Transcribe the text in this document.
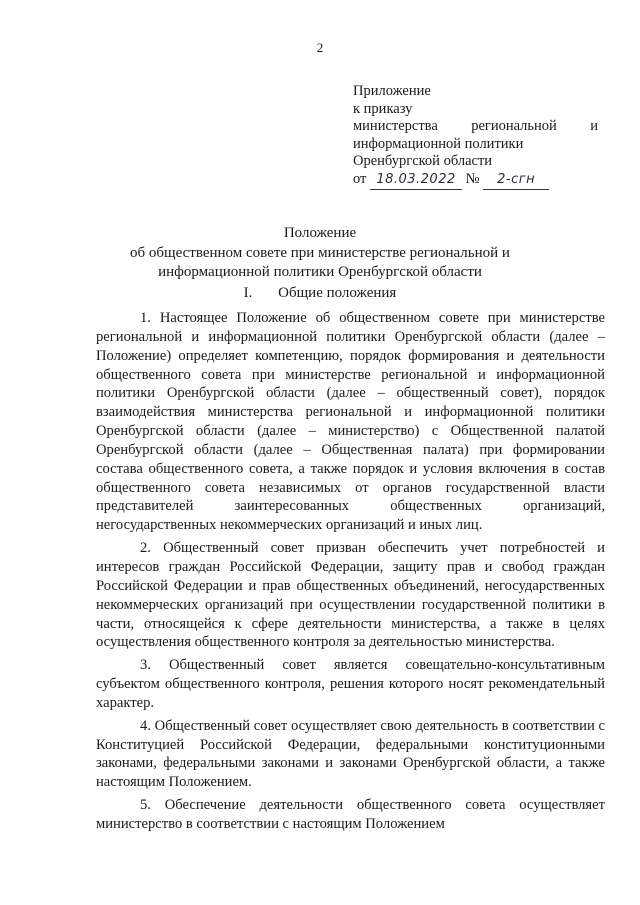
2
Приложение
к приказу
министерства региональной и
информационной политики
Оренбургской области
от 18.03.2022 № 2-сгн
Положение
об общественном совете при министерстве региональной и
информационной политики Оренбургской области
I. Общие положения

1. Настоящее Положение об общественном совете при министерстве региональной и информационной политики Оренбургской области (далее – Положение) определяет компетенцию, порядок формирования и деятельности общественного совета при министерстве региональной и информационной политики Оренбургской области (далее – общественный совет), порядок взаимодействия министерства региональной и информационной политики Оренбургской области (далее – министерство) с Общественной палатой Оренбургской области (далее – Общественная палата) при формировании состава общественного совета, а также порядок и условия включения в состав общественного совета независимых от органов государственной власти представителей заинтересованных общественных организаций, негосударственных некоммерческих организаций и иных лиц.

2. Общественный совет призван обеспечить учет потребностей и интересов граждан Российской Федерации, защиту прав и свобод граждан Российской Федерации и прав общественных объединений, негосударственных некоммерческих организаций при осуществлении государственной политики в части, относящейся к сфере деятельности министерства, а также в целях осуществления общественного контроля за деятельностью министерства.

3. Общественный совет является совещательно-консультативным субъектом общественного контроля, решения которого носят рекомендательный характер.

4. Общественный совет осуществляет свою деятельность в соответствии с Конституцией Российской Федерации, федеральными конституционными законами, федеральными законами и законами Оренбургской области, а также настоящим Положением.

5. Обеспечение деятельности общественного совета осуществляет министерство в соответствии с настоящим Положением
